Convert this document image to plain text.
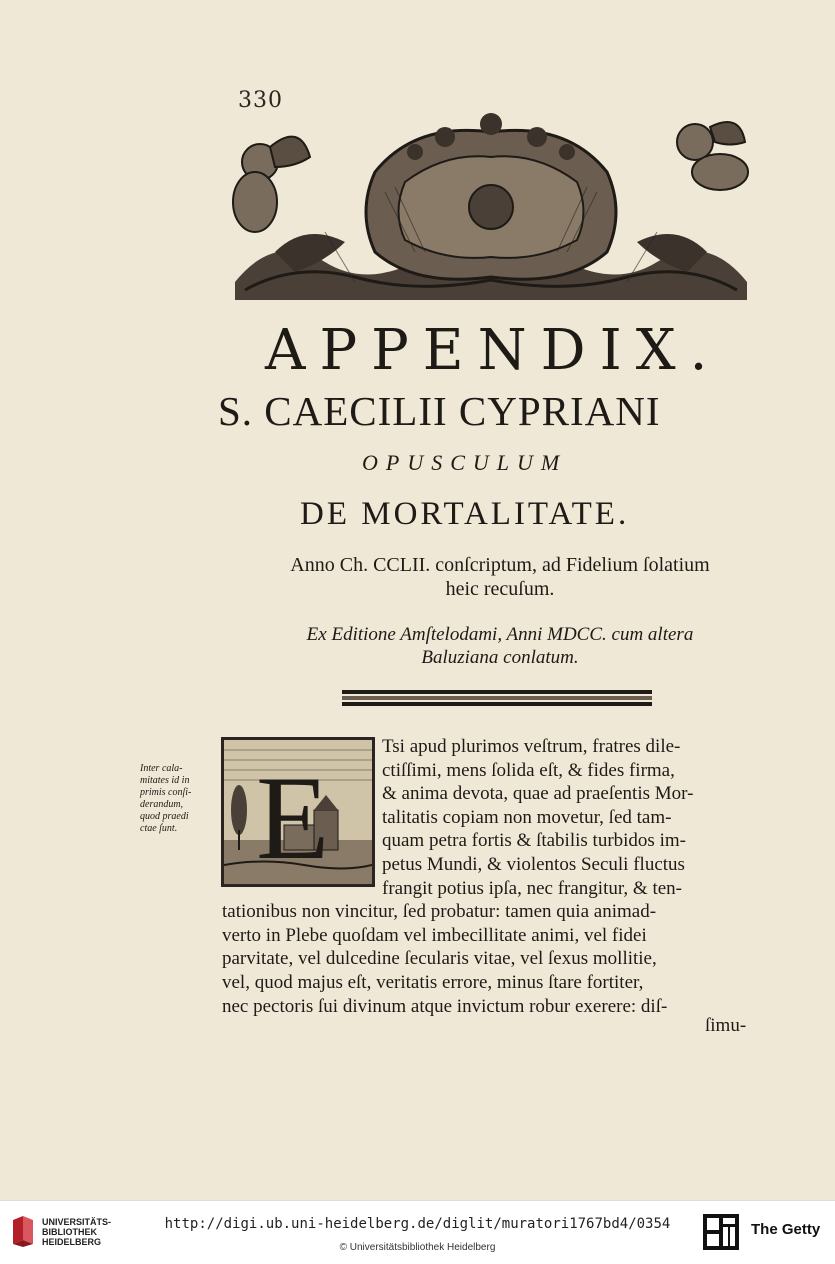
330
APPENDIX.
S. CAECILII CYPRIANI
OPUSCULUM
DE MORTALITATE.
Anno Ch. CCLII. conſcriptum, ad Fidelium ſolatium
heic recuſum.
Ex Editione Amſtelodami, Anni MDCC. cum altera
Baluziana conlatum.
Inter cala-
mitates id in
primis conſi-
derandum,
quod praedi
ctae ſunt. E
Tsi apud plurimos veſtrum, fratres dile-
ctiſſimi, mens ſolida eſt, & fides firma,
& anima devota, quae ad praeſentis Mor-
talitatis copiam non movetur, ſed tam-
quam petra fortis & ſtabilis turbidos im-
petus Mundi, & violentos Seculi fluctus
frangit potius ipſa, nec frangitur, & ten-
tationibus non vincitur, ſed probatur: tamen quia animad-
verto in Plebe quoſdam vel imbecillitate animi, vel fidei
parvitate, vel dulcedine ſecularis vitae, vel ſexus mollitie,
vel, quod majus eſt, veritatis errore, minus ſtare fortiter,
nec pectoris ſui divinum atque invictum robur exerere: diſ-
ſimu-
UNIVERSITÄTS-
BIBLIOTHEK
HEIDELBERG
http://digi.ub.uni-heidelberg.de/diglit/muratori1767bd4/0354
© Universitätsbibliothek Heidelberg
The Getty
